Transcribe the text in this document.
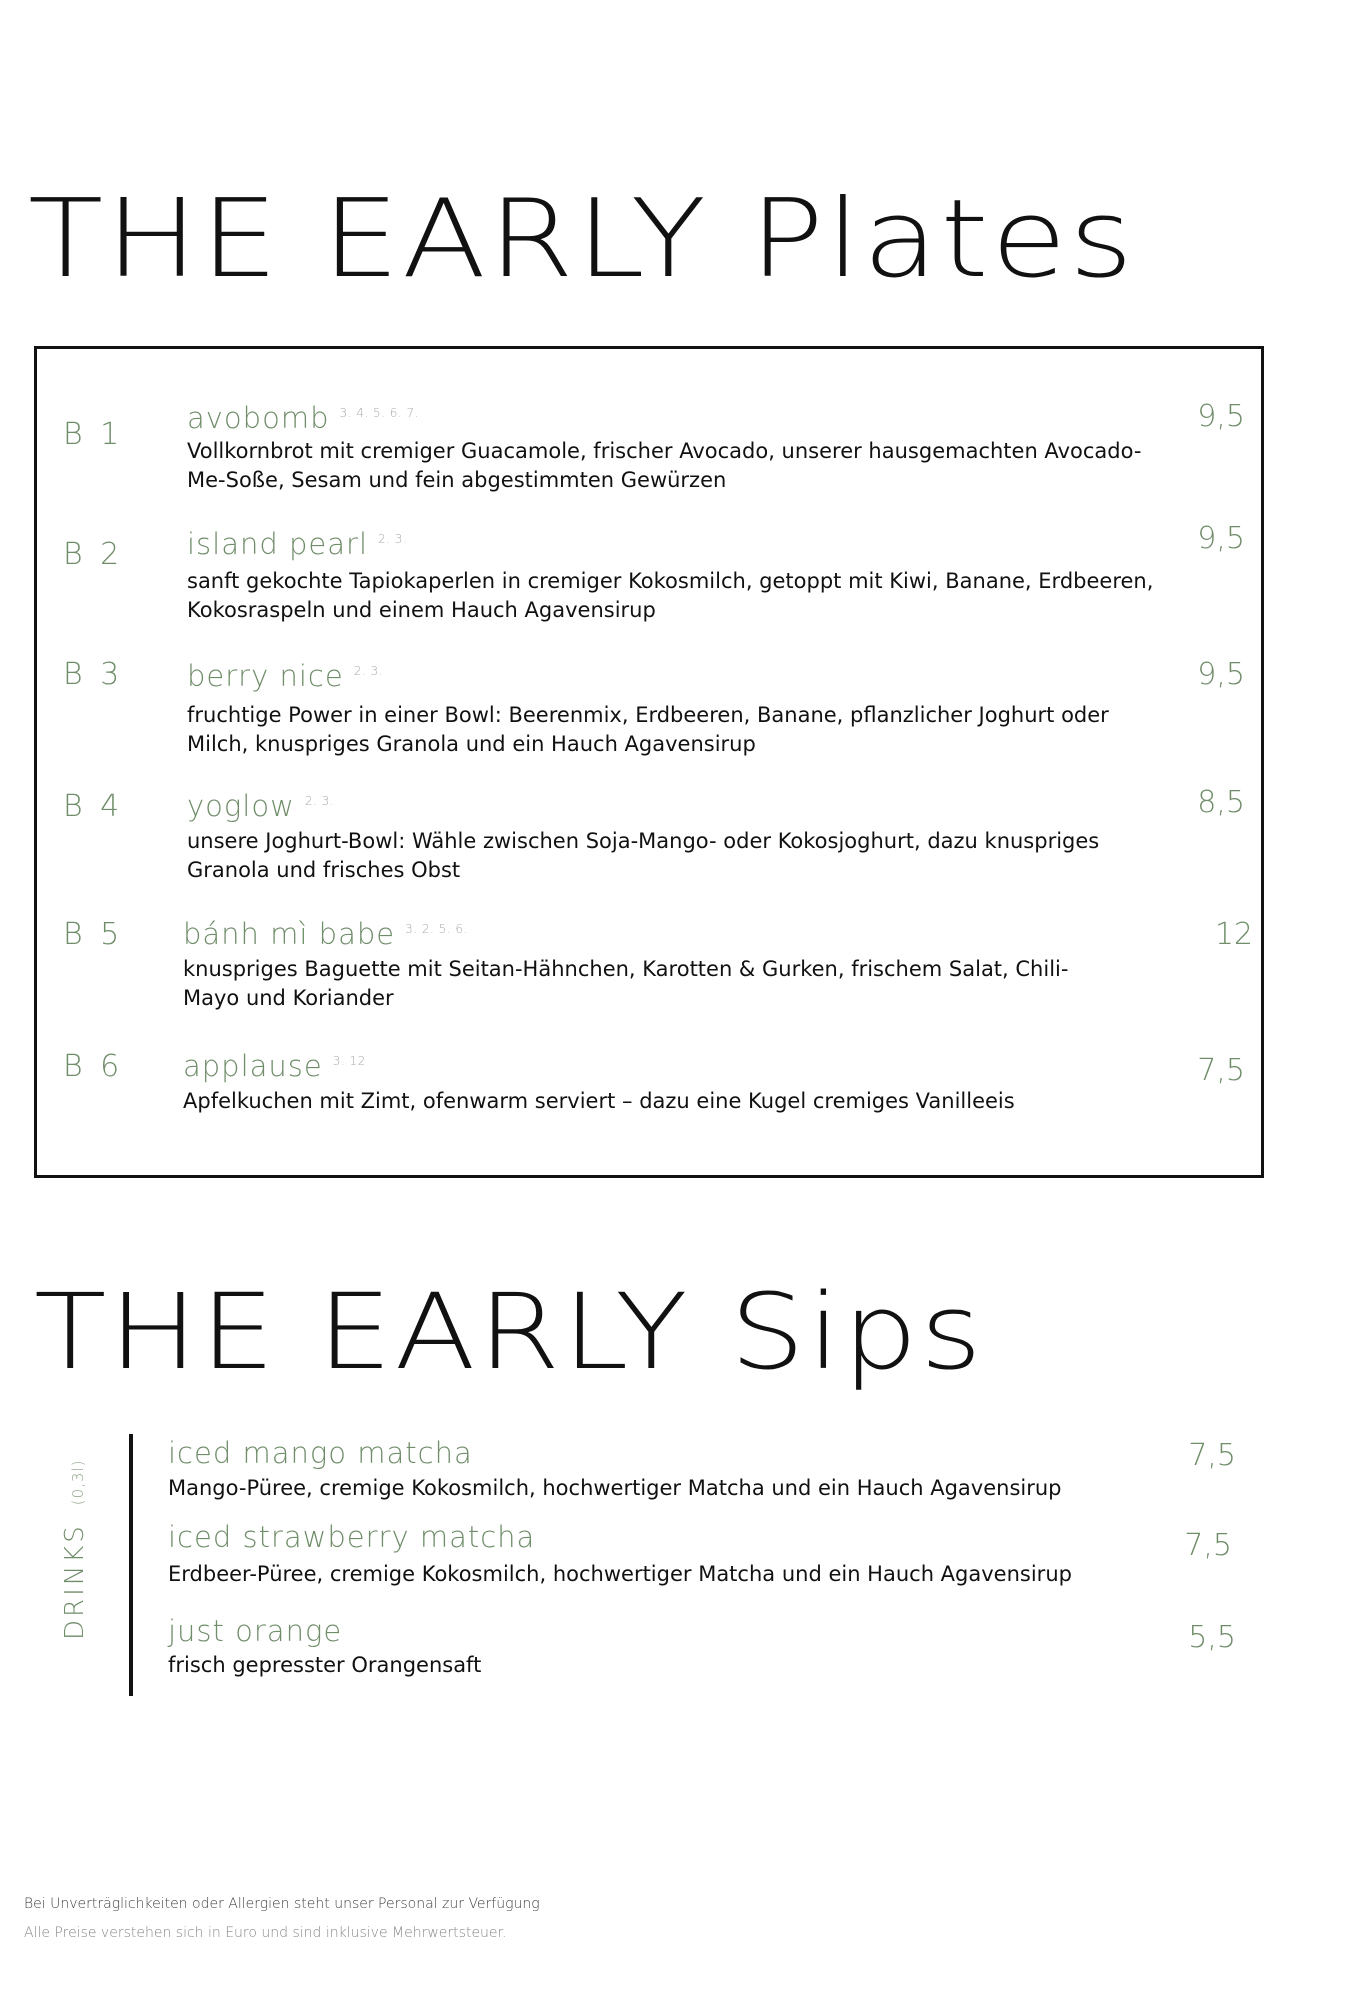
THE EARLY Plates
B 1 avobomb $^{3. 4. 5. 6. 7.}$
Vollkornbrot mit cremiger Guacamole, frischer Avocado, unserer hausgemachten Avocado-Me-Soße, Sesam und fein abgestimmten Gewürzen
9,5
B 2 island pearl $^{2. 3.}$
sanft gekochte Tapiokaperlen in cremiger Kokosmilch, getoppt mit Kiwi, Banane, Erdbeeren, Kokosraspeln und einem Hauch Agavensirup
9,5
B 3 berry nice $^{2. 3.}$
fruchtige Power in einer Bowl: Beerenmix, Erdbeeren, Banane, pflanzlicher Joghurt oder Milch, knuspriges Granola und ein Hauch Agavensirup
9,5
B 4 yoglow $^{2. 3.}$
unsere Joghurt-Bowl: Wähle zwischen Soja-Mango- oder Kokosjoghurt, dazu knuspriges Granola und frisches Obst
8,5
B 5 bánh mì babe $^{3. 2. 5. 6.}$
knuspriges Baguette mit Seitan-Hähnchen, Karotten & Gurken, frischem Salat, Chili-Mayo und Koriander
12
B 6 applause $^{3. 12}$
Apfelkuchen mit Zimt, ofenwarm serviert – dazu eine Kugel cremiges Vanilleeis
7,5
THE EARLY Sips
DRINKS(0,3l)
iced mango matcha
Mango-Püree, cremige Kokosmilch, hochwertiger Matcha und ein Hauch Agavensirup
7,5
iced strawberry matcha
Erdbeer-Püree, cremige Kokosmilch, hochwertiger Matcha und ein Hauch Agavensirup
7,5
just orange
frisch gepresster Orangensaft
5,5
Bei Unverträglichkeiten oder Allergien steht unser Personal zur Verfügung
Alle Preise verstehen sich in Euro und sind inklusive Mehrwertsteuer.
